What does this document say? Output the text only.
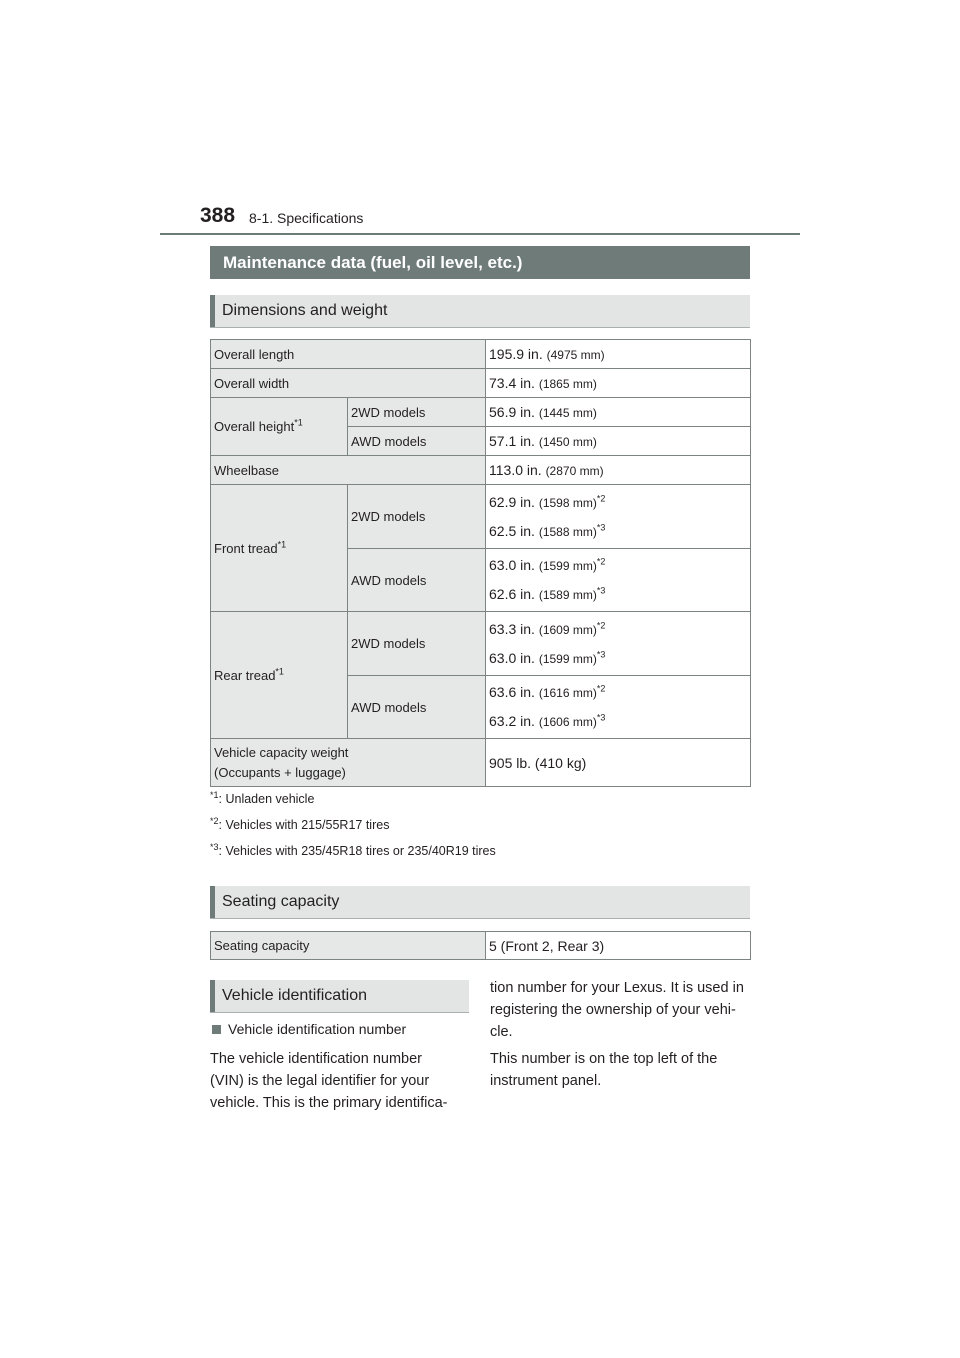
388 8-1. Specifications
Maintenance data (fuel, oil level, etc.)
Dimensions and weight
Overall length		195.9 in. (4975 mm)
Overall width		73.4 in. (1865 mm)
Overall height$^{*1}$	2WD models	56.9 in. (1445 mm)
	AWD models	57.1 in. (1450 mm)
Wheelbase		113.0 in. (2870 mm)
Front tread$^{*1}$	2WD models	62.9 in. (1598 mm)$^{*2}$
62.5 in. (1588 mm)$^{*3}$

	AWD models	63.0 in. (1599 mm)$^{*2}$
62.6 in. (1589 mm)$^{*3}$

Rear tread$^{*1}$	2WD models	63.3 in. (1609 mm)$^{*2}$
63.0 in. (1599 mm)$^{*3}$

	AWD models	63.6 in. (1616 mm)$^{*2}$
63.2 in. (1606 mm)$^{*3}$

Vehicle capacity weight
(Occupants + luggage)		905 lb. (410 kg)
$^{*1}$: Unladen vehicle
$^{*2}$: Vehicles with 215/55R17 tires
$^{*3}$: Vehicles with 235/45R18 tires or 235/40R19 tires
Seating capacity
Seating capacity	5 (Front 2, Rear 3)
Vehicle identification
Vehicle identification number
The vehicle identification number
(VIN) is the legal identifier for your
vehicle. This is the primary identifica-
tion number for your Lexus. It is used in
registering the ownership of your vehi-
cle.
This number is on the top left of the
instrument panel.
